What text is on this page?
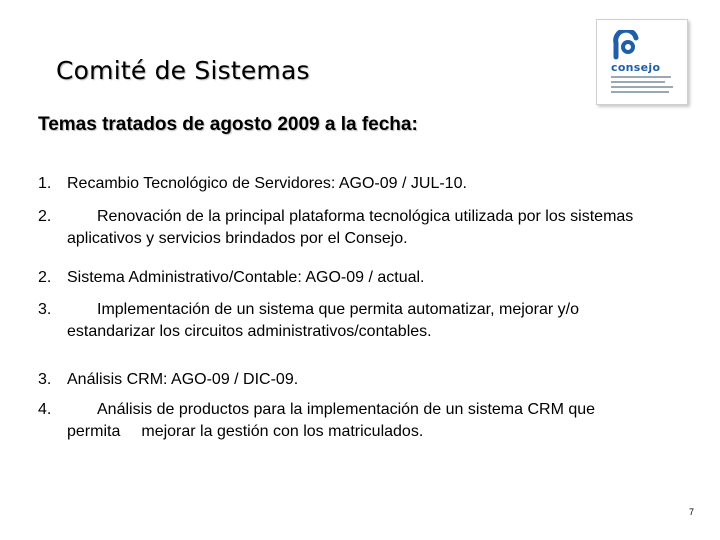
Comité de Sistemas	consejo
Temas tratados de agosto 2009 a la fecha:
1. Recambio Tecnológico de Servidores: AGO-09 / JUL-10.
2.	Renovación de la principal plataforma tecnológica utilizada por los sistemas
aplicativos y servicios brindados por el Consejo.
2. Sistema Administrativo/Contable: AGO-09 / actual.
3.	Implementación de un sistema que permita automatizar, mejorar y/o
estandarizar los circuitos administrativos/contables.
3. Análisis CRM: AGO-09 / DIC-09.
4.	Análisis de productos para la implementación de un sistema CRM que
permita mejorar la gestión con los matriculados.
7
